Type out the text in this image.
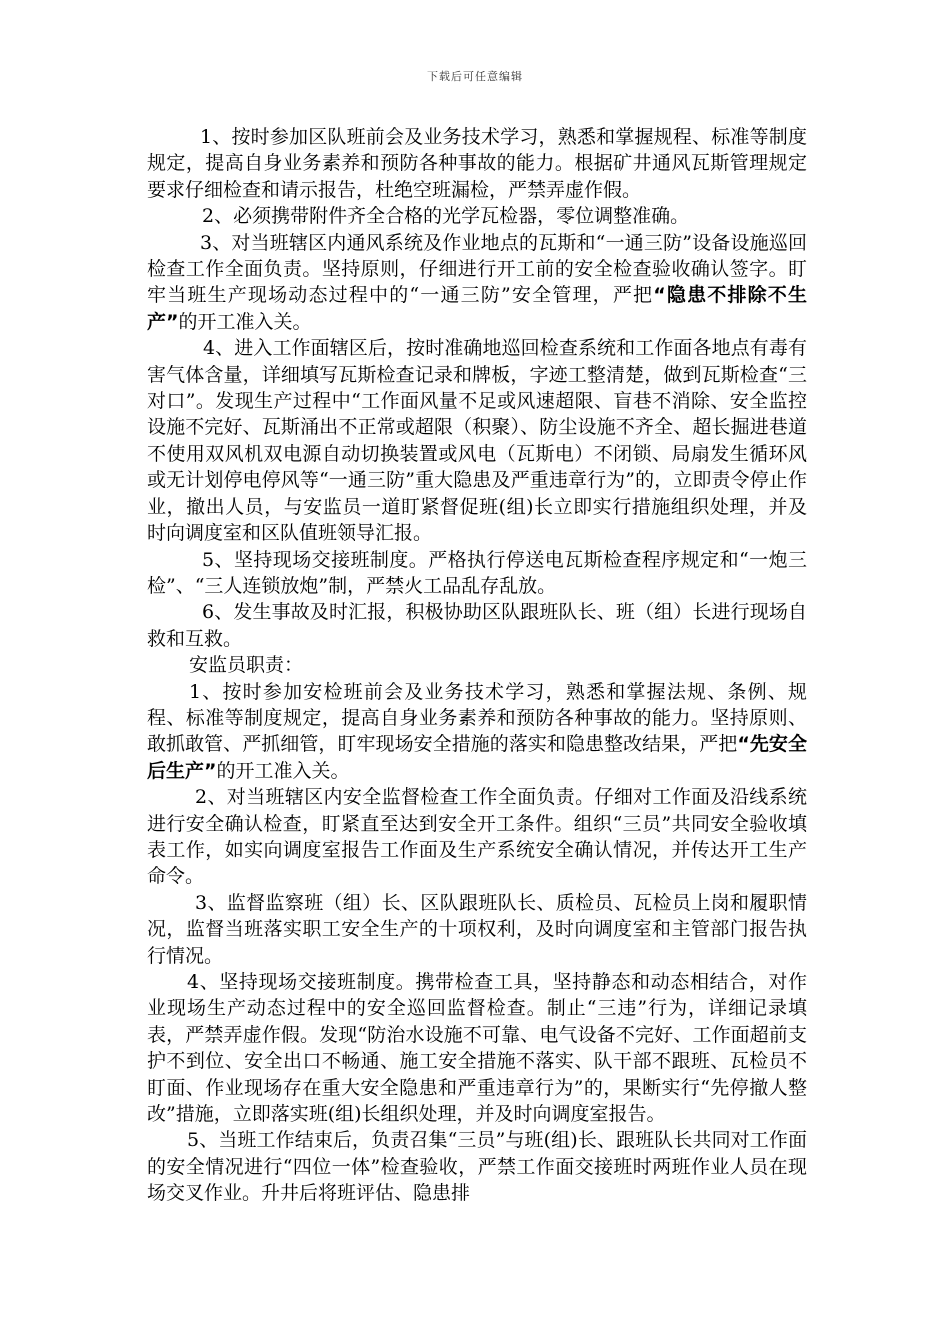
下载后可任意编辑

1、按时参加区队班前会及业务技术学习，熟悉和掌握规程、标准等制度规定，提高自身业务素养和预防各种事故的能力。根据矿井通风瓦斯管理规定要求仔细检查和请示报告，杜绝空班漏检，严禁弄虚作假。

2、必须携带附件齐全合格的光学瓦检器，零位调整准确。

3、对当班辖区内通风系统及作业地点的瓦斯和“一通三防”设备设施巡回检查工作全面负责。坚持原则，仔细进行开工前的安全检查验收确认签字。盯牢当班生产现场动态过程中的“一通三防”安全管理，严把“隐患不排除不生产”的开工准入关。

4、进入工作面辖区后，按时准确地巡回检查系统和工作面各地点有毒有害气体含量，详细填写瓦斯检查记录和牌板，字迹工整清楚，做到瓦斯检查“三对口”。发现生产过程中“工作面风量不足或风速超限、盲巷不消除、安全监控设施不完好、瓦斯涌出不正常或超限（积聚）、防尘设施不齐全、超长掘进巷道不使用双风机双电源自动切换装置或风电（瓦斯电）不闭锁、局扇发生循环风或无计划停电停风等“一通三防”重大隐患及严重违章行为”的，立即责令停止作业，撤出人员，与安监员一道盯紧督促班(组)长立即实行措施组织处理，并及时向调度室和区队值班领导汇报。

5、坚持现场交接班制度。严格执行停送电瓦斯检查程序规定和“一炮三检”、“三人连锁放炮”制，严禁火工品乱存乱放。

6、发生事故及时汇报，积极协助区队跟班队长、班（组）长进行现场自救和互救。

安监员职责：

1、按时参加安检班前会及业务技术学习，熟悉和掌握法规、条例、规程、标准等制度规定，提高自身业务素养和预防各种事故的能力。坚持原则、敢抓敢管、严抓细管，盯牢现场安全措施的落实和隐患整改结果，严把“先安全后生产”的开工准入关。

2、对当班辖区内安全监督检查工作全面负责。仔细对工作面及沿线系统进行安全确认检查，盯紧直至达到安全开工条件。组织“三员”共同安全验收填表工作，如实向调度室报告工作面及生产系统安全确认情况，并传达开工生产命令。

3、监督监察班（组）长、区队跟班队长、质检员、瓦检员上岗和履职情况，监督当班落实职工安全生产的十项权利，及时向调度室和主管部门报告执行情况。

4、坚持现场交接班制度。携带检查工具，坚持静态和动态相结合，对作业现场生产动态过程中的安全巡回监督检查。制止“三违”行为，详细记录填表，严禁弄虚作假。发现“防治水设施不可靠、电气设备不完好、工作面超前支护不到位、安全出口不畅通、施工安全措施不落实、队干部不跟班、瓦检员不盯面、作业现场存在重大安全隐患和严重违章行为”的，果断实行“先停撤人整改”措施，立即落实班(组)长组织处理，并及时向调度室报告。

5、当班工作结束后，负责召集“三员”与班(组)长、跟班队长共同对工作面的安全情况进行“四位一体”检查验收，严禁工作面交接班时两班作业人员在现场交叉作业。升井后将班评估、隐患排
